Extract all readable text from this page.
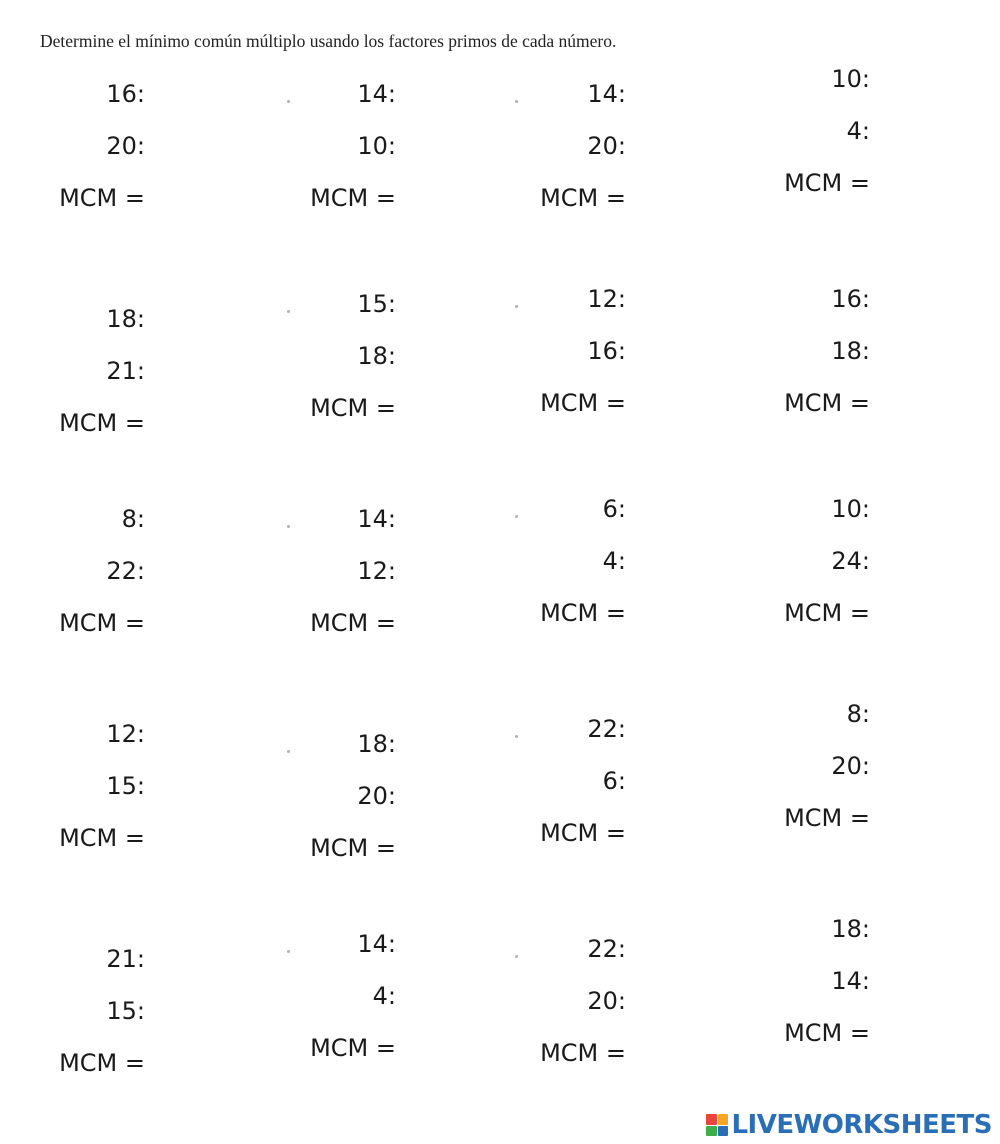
Determine el mínimo común múltiplo usando los factores primos de cada número.
16:
20:
MCM =
14:
10:
MCM =
14:
20:
MCM =
10:
4:
MCM =
18:
21:
MCM =
15:
18:
MCM =
12:
16:
MCM =
16:
18:
MCM =
8:
22:
MCM =
14:
12:
MCM =
6:
4:
MCM =
10:
24:
MCM =
12:
15:
MCM =
18:
20:
MCM =
22:
6:
MCM =
8:
20:
MCM =
21:
15:
MCM =
14:
4:
MCM =
22:
20:
MCM =
18:
14:
MCM =
LIVEWORKSHEETS
